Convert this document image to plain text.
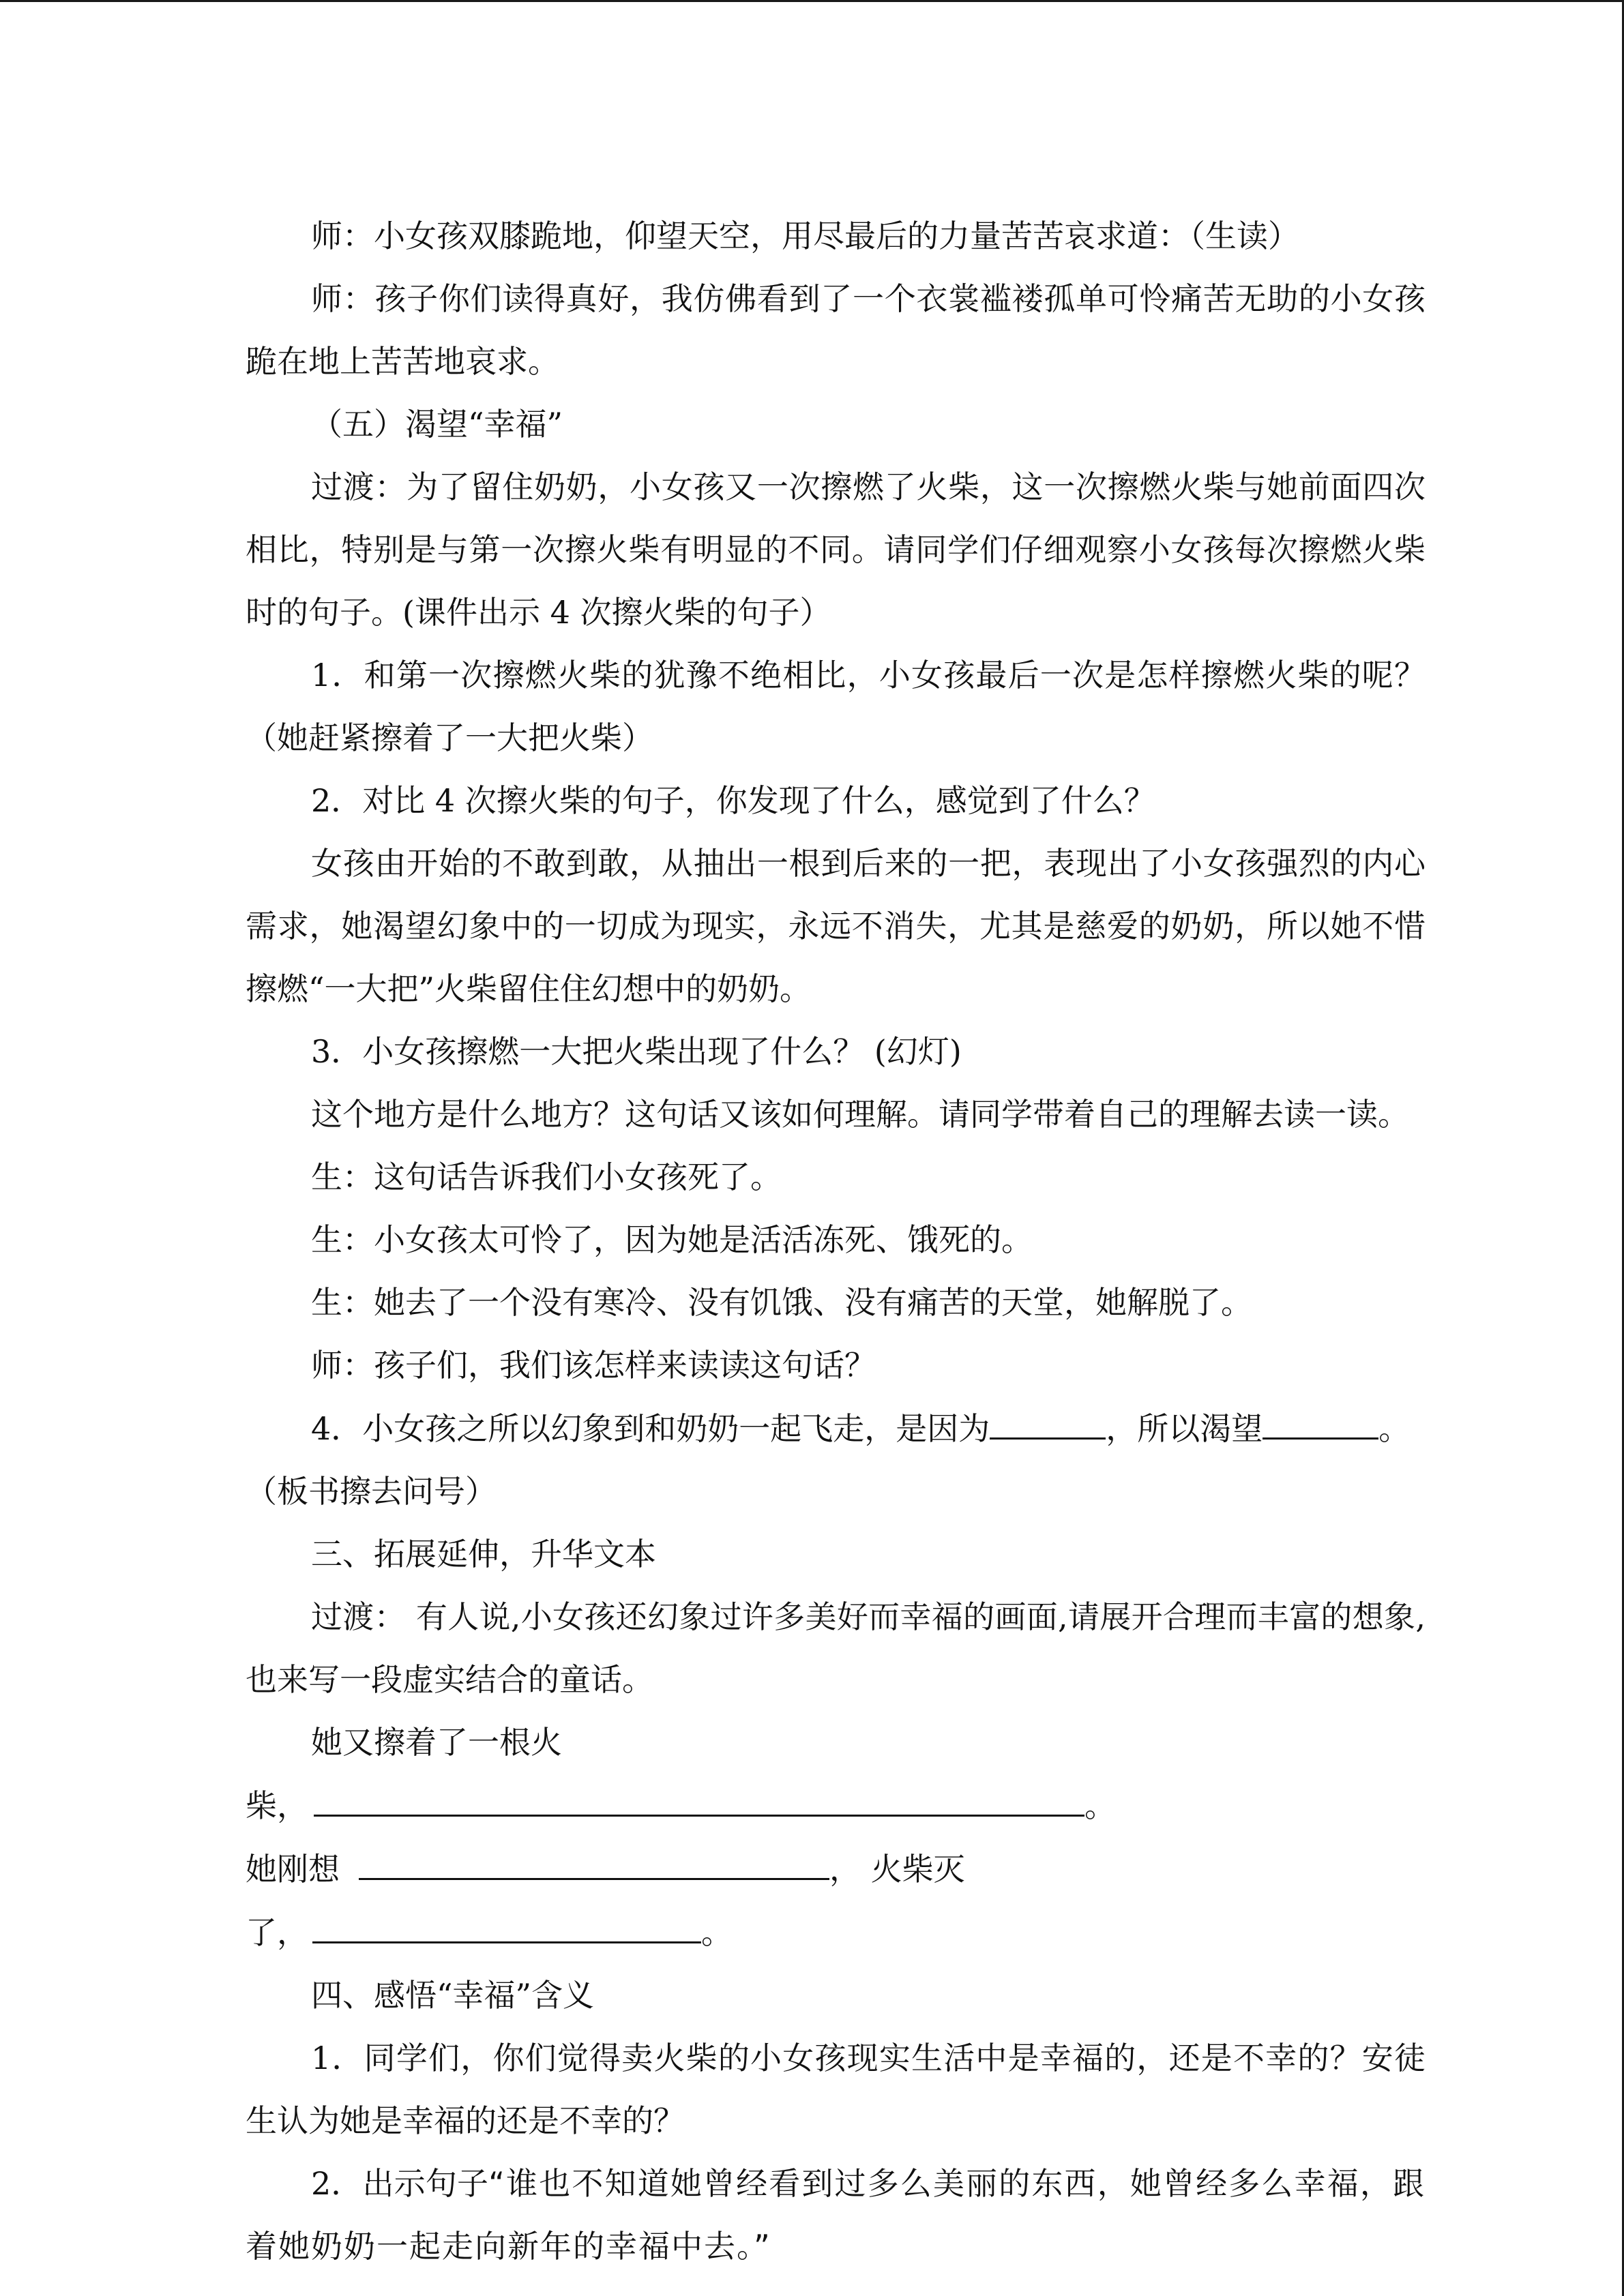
师：小女孩双膝跪地，仰望天空，用尽最后的力量苦苦哀求道：（生读）

师：孩子你们读得真好，我仿佛看到了一个衣裳褴褛孤单可怜痛苦无助的小女孩跪在地上苦苦地哀求。

（五）渴望“幸福”

过渡：为了留住奶奶，小女孩又一次擦燃了火柴，这一次擦燃火柴与她前面四次相比，特别是与第一次擦火柴有明显的不同。请同学们仔细观察小女孩每次擦燃火柴时的句子。(课件出示 4 次擦火柴的句子）

1．和第一次擦燃火柴的犹豫不绝相比，小女孩最后一次是怎样擦燃火柴的呢？（她赶紧擦着了一大把火柴）

2．对比 4 次擦火柴的句子，你发现了什么，感觉到了什么？

女孩由开始的不敢到敢，从抽出一根到后来的一把，表现出了小女孩强烈的内心需求，她渴望幻象中的一切成为现实，永远不消失，尤其是慈爱的奶奶，所以她不惜擦燃“一大把”火柴留住住幻想中的奶奶。

3．小女孩擦燃一大把火柴出现了什么？ (幻灯)

这个地方是什么地方？这句话又该如何理解。请同学带着自己的理解去读一读。

生：这句话告诉我们小女孩死了。

生：小女孩太可怜了，因为她是活活冻死、饿死的。

生：她去了一个没有寒冷、没有饥饿、没有痛苦的天堂，她解脱了。

师：孩子们，我们该怎样来读读这句话？

4．小女孩之所以幻象到和奶奶一起飞走，是因为	，所以渴望	。

（板书擦去问号）

三、拓展延伸，升华文本

过渡： 有人说,小女孩还幻象过许多美好而幸福的画面,请展开合理而丰富的想象,也来写一段虚实结合的童话。

她又擦着了一根火

柴，	。

她刚想	， 火柴灭

了，	。

四、感悟“幸福”含义

1．同学们，你们觉得卖火柴的小女孩现实生活中是幸福的，还是不幸的？安徒生认为她是幸福的还是不幸的？

2．出示句子“谁也不知道她曾经看到过多么美丽的东西，她曾经多么幸福，跟着她奶奶一起走向新年的幸福中去。”
